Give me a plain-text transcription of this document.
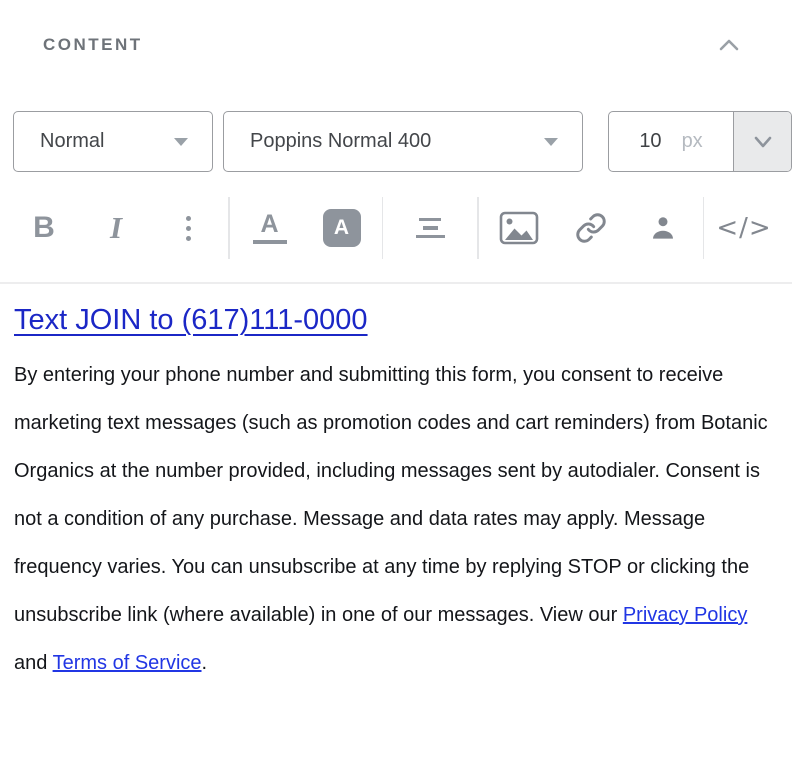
CONTENT
Normal	Poppins Normal 400	10 px
B I	A	A	</>
Text JOIN to (617)111-0000

By entering your phone number and submitting this form, you consent to receive marketing text messages (such as promotion codes and cart reminders) from Botanic Organics at the number provided, including messages sent by autodialer. Consent is not a condition of any purchase. Message and data rates may apply. Message frequency varies. You can unsubscribe at any time by replying STOP or clicking the unsubscribe link (where available) in one of our messages. View our Privacy Policy and Terms of Service.
